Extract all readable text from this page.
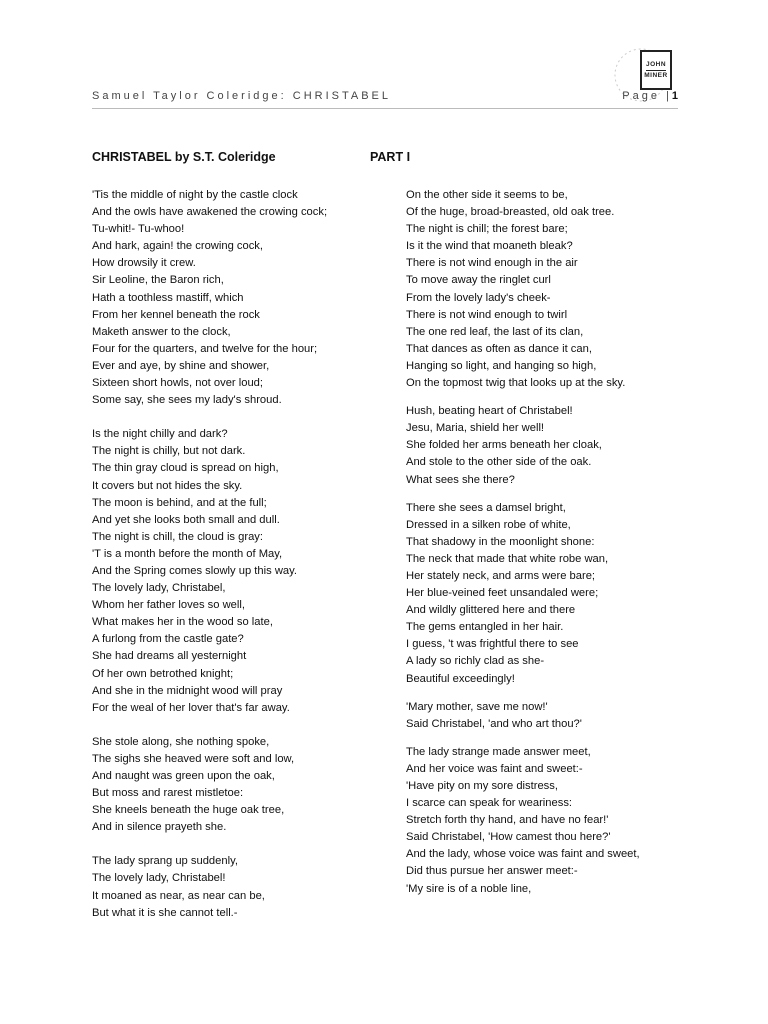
JOHN
MINER
Samuel Taylor Coleridge: CHRISTABEL	Page |1
CHRISTABEL by S.T. Coleridge	PART I
'Tis the middle of night by the castle clock
And the owls have awakened the crowing cock;
Tu-whit!- Tu-whoo!
And hark, again! the crowing cock,
How drowsily it crew.
Sir Leoline, the Baron rich,
Hath a toothless mastiff, which
From her kennel beneath the rock
Maketh answer to the clock,
Four for the quarters, and twelve for the hour;
Ever and aye, by shine and shower,
Sixteen short howls, not over loud;
Some say, she sees my lady's shroud.
Is the night chilly and dark?
The night is chilly, but not dark.
The thin gray cloud is spread on high,
It covers but not hides the sky.
The moon is behind, and at the full;
And yet she looks both small and dull.
The night is chill, the cloud is gray:
'T is a month before the month of May,
And the Spring comes slowly up this way.
The lovely lady, Christabel,
Whom her father loves so well,
What makes her in the wood so late,
A furlong from the castle gate?
She had dreams all yesternight
Of her own betrothed knight;
And she in the midnight wood will pray
For the weal of her lover that's far away.
She stole along, she nothing spoke,
The sighs she heaved were soft and low,
And naught was green upon the oak,
But moss and rarest mistletoe:
She kneels beneath the huge oak tree,
And in silence prayeth she.
The lady sprang up suddenly,
The lovely lady, Christabel!
It moaned as near, as near can be,
But what it is she cannot tell.-
On the other side it seems to be,
Of the huge, broad-breasted, old oak tree.
The night is chill; the forest bare;
Is it the wind that moaneth bleak?
There is not wind enough in the air
To move away the ringlet curl
From the lovely lady's cheek-
There is not wind enough to twirl
The one red leaf, the last of its clan,
That dances as often as dance it can,
Hanging so light, and hanging so high,
On the topmost twig that looks up at the sky.
Hush, beating heart of Christabel!
Jesu, Maria, shield her well!
She folded her arms beneath her cloak,
And stole to the other side of the oak.
What sees she there?
There she sees a damsel bright,
Dressed in a silken robe of white,
That shadowy in the moonlight shone:
The neck that made that white robe wan,
Her stately neck, and arms were bare;
Her blue-veined feet unsandaled were;
And wildly glittered here and there
The gems entangled in her hair.
I guess, 't was frightful there to see
A lady so richly clad as she-
Beautiful exceedingly!
'Mary mother, save me now!'
Said Christabel, 'and who art thou?'
The lady strange made answer meet,
And her voice was faint and sweet:-
'Have pity on my sore distress,
I scarce can speak for weariness:
Stretch forth thy hand, and have no fear!'
Said Christabel, 'How camest thou here?'
And the lady, whose voice was faint and sweet,
Did thus pursue her answer meet:-
'My sire is of a noble line,
